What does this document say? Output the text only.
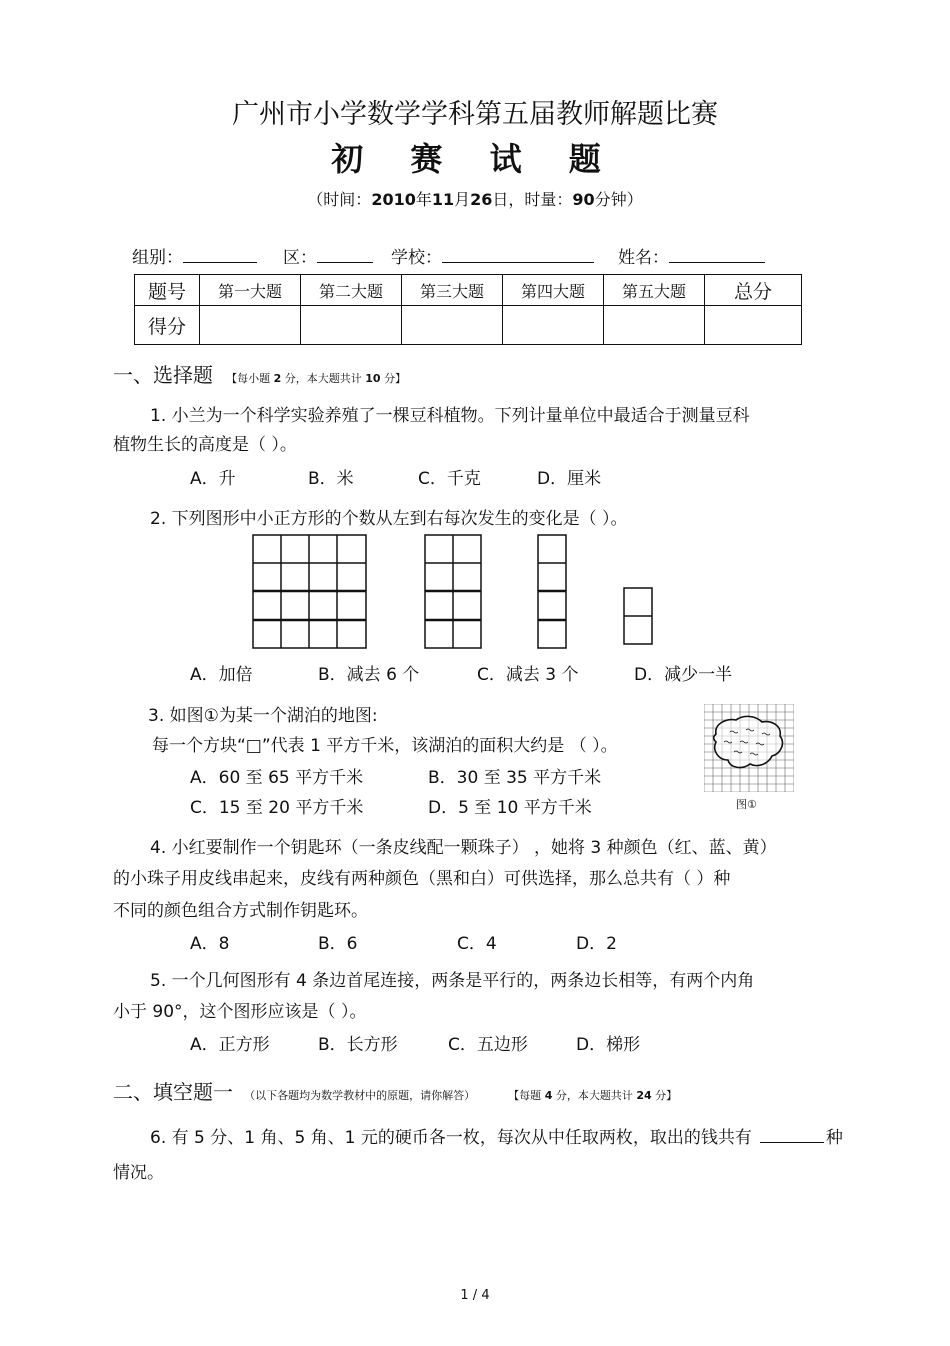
广州市小学数学学科第五届教师解题比赛
初 赛 试 题
（时间：2010年11月26日，时量：90分钟）
组别：	区：	学校：	姓名：
题号	第一大题	第二大题	第三大题	第四大题	第五大题	总分
得分						
一、选择题 【每小题 2 分，本大题共计 10 分】
1. 小兰为一个科学实验养殖了一棵豆科植物。下列计量单位中最适合于测量豆科
植物生长的高度是（ ）。
A．升	B．米	C．千克	D．厘米
2. 下列图形中小正方形的个数从左到右每次发生的变化是（ ）。
A．加倍	B．减去 6 个	C．减去 3 个	D．减少一半
3. 如图①为某一个湖泊的地图:
每一个方块“□”代表 1 平方千米，该湖泊的面积大约是 （ ）。
A．60 至 65 平方千米	B．30 至 35 平方千米
C．15 至 20 平方千米	D．5 至 10 平方千米	图①
4. 小红要制作一个钥匙环（一条皮线配一颗珠子） ，她将 3 种颜色（红、蓝、黄）
的小珠子用皮线串起来，皮线有两种颜色（黑和白）可供选择，那么总共有（ ）种
不同的颜色组合方式制作钥匙环。
A．8	B．6	C．4	D．2
5. 一个几何图形有 4 条边首尾连接，两条是平行的，两条边长相等，有两个内角
小于 90°，这个图形应该是（ ）。
A．正方形	B．长方形	C．五边形	D．梯形
二、填空题一 （以下各题均为数学教材中的原题，请你解答）	【每题 4 分，本大题共计 24 分】
6. 有 5 分、1 角、5 角、1 元的硬币各一枚，每次从中任取两枚，取出的钱共有	种
情况。
1 / 4
